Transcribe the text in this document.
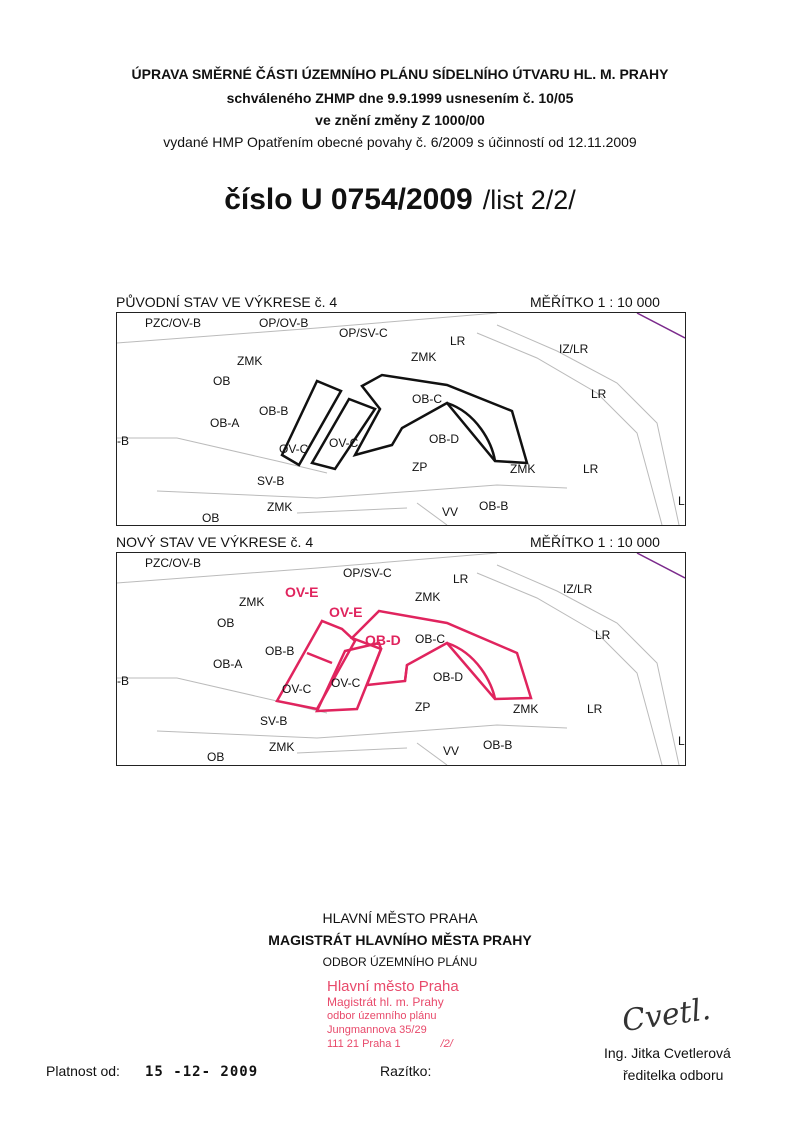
ÚPRAVA SMĚRNÉ ČÁSTI ÚZEMNÍHO PLÁNU SÍDELNÍHO ÚTVARU HL. M. PRAHY
schváleného ZHMP dne 9.9.1999 usnesením č. 10/05
ve znění změny Z 1000/00
vydané HMP Opatřením obecné povahy č. 6/2009 s účinností od 12.11.2009
číslo U 0754/2009 /list 2/2/
PŮVODNÍ STAV VE VÝKRESE č. 4	MĚŘÍTKO 1 : 10 000
PZC/OV-B	OP/OV-B
OP/SV-C
LR
IZ/LR
ZMK	ZMK
OB
LR
OB-B
OB-C
OB-A
-B	OB-D
OV-C OV-C
ZP	ZMK	LR
SV-B
ZMK
OB	VV OB-B	L
NOVÝ STAV VE VÝKRESE č. 4	MĚŘÍTKO 1 : 10 000
PZC/OV-B
OP/SV-C	LR
IZ/LR
ZMK	ZMK
OV-E
OV-E
OB-D
OB
LR
OB-B
OB-C
OB-A
-B	OB-D
OV-C OV-C
ZP	ZMK	LR
SV-B
ZMK
OB	VV OB-B	L
HLAVNÍ MĚSTO PRAHA
MAGISTRÁT HLAVNÍHO MĚSTA PRAHY
ODBOR ÚZEMNÍHO PLÁNU
Hlavní město Praha
Magistrát hl. m. Prahy
odbor územního plánu
Jungmannova 35/29
111 21 Praha 1	/2/
Cvetl.
Ing. Jitka Cvetlerová
ředitelka odboru
Platnost od: 15 -12- 2009	Razítko:
